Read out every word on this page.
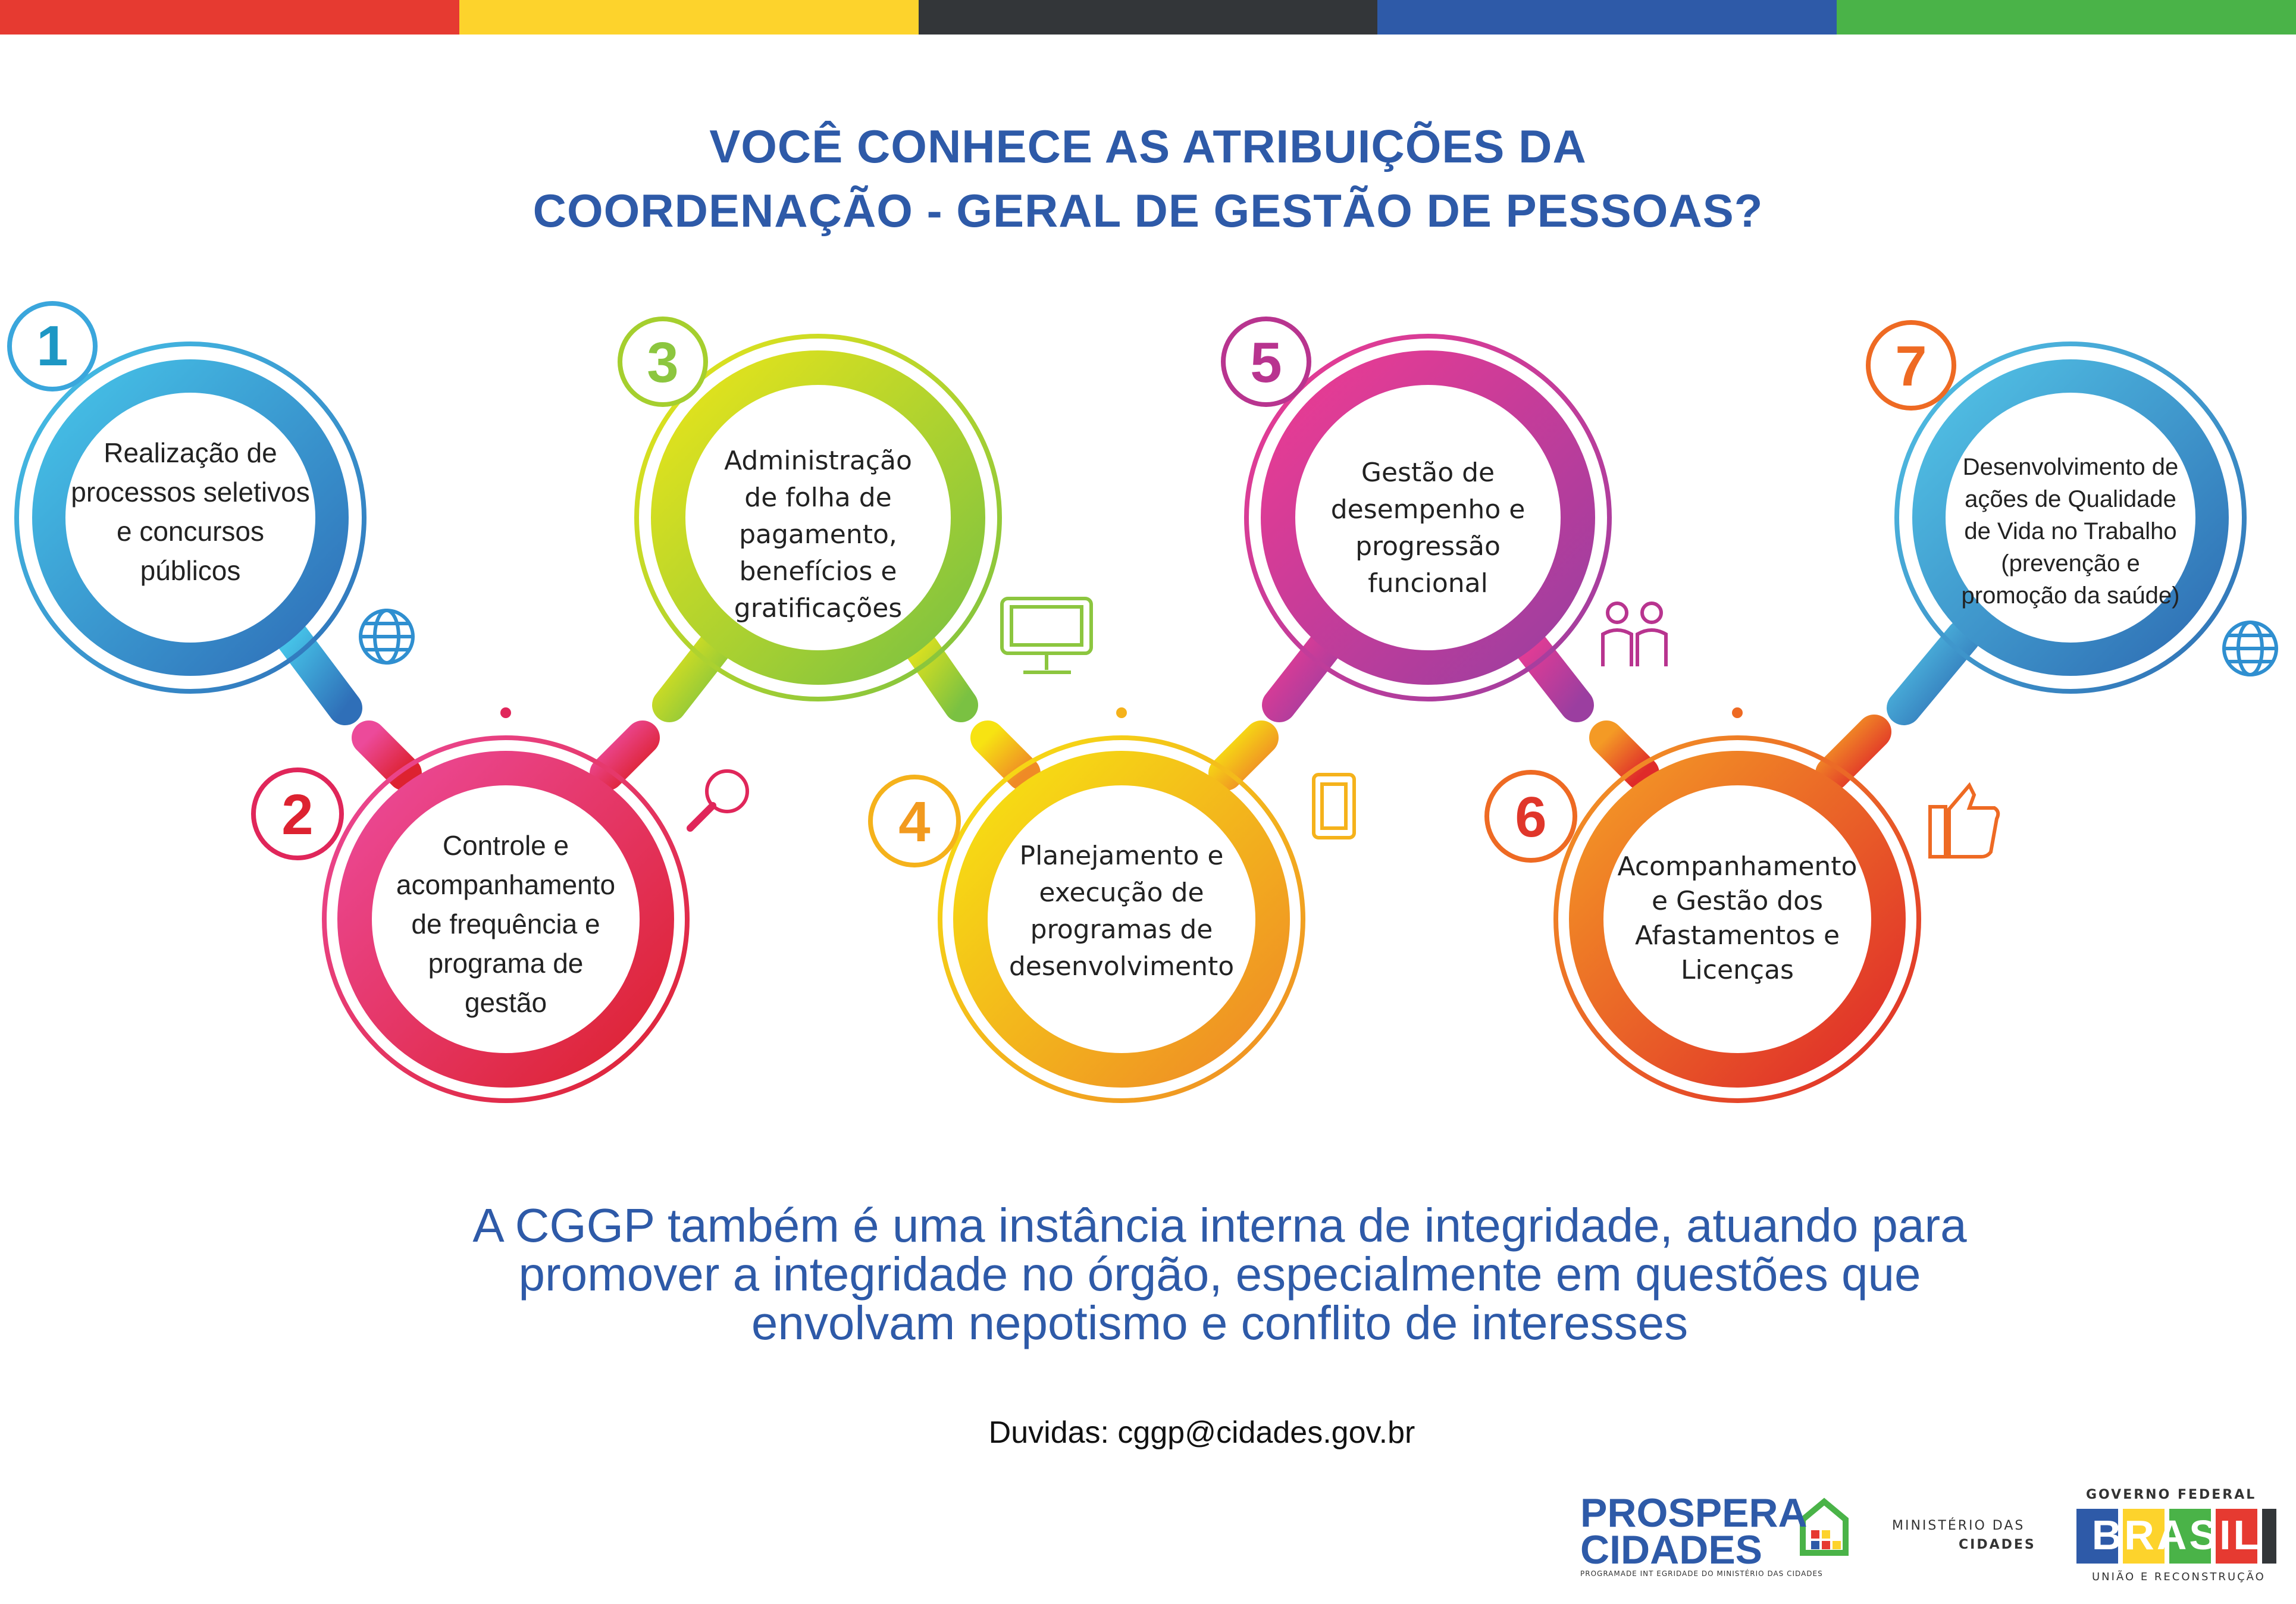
VOCÊ CONHECE AS ATRIBUIÇÕES DA
COORDENAÇÃO - GERAL DE GESTÃO DE PESSOAS?
1
2
3
4
5
6
7
Realização de
processos seletivos
e concursos
públicos
Controle e
acompanhamento
de frequência e
programa de
gestão
Administração
de folha de
pagamento,
benefícios e
gratificações
Planejamento e
execução de
programas de
desenvolvimento
Gestão de
desempenho e
progressão
funcional
Acompanhamento
e Gestão dos
Afastamentos e
Licenças
Desenvolvimento de
ações de Qualidade
de Vida no Trabalho
(prevenção e
promoção da saúde)
A CGGP também é uma instância interna de integridade, atuando para
promover a integridade no órgão, especialmente em questões que
envolvam nepotismo e conflito de interesses
Duvidas: cggp@cidades.gov.br
PROSPERA
CIDADES
PROGRAMADE INT EGRIDADE DO MINISTÉRIO DAS CIDADES
MINISTÉRIO DAS
CIDADES
GOVERNO FEDERAL
BRASIL
UNIÃO E RECONSTRUÇÃO
